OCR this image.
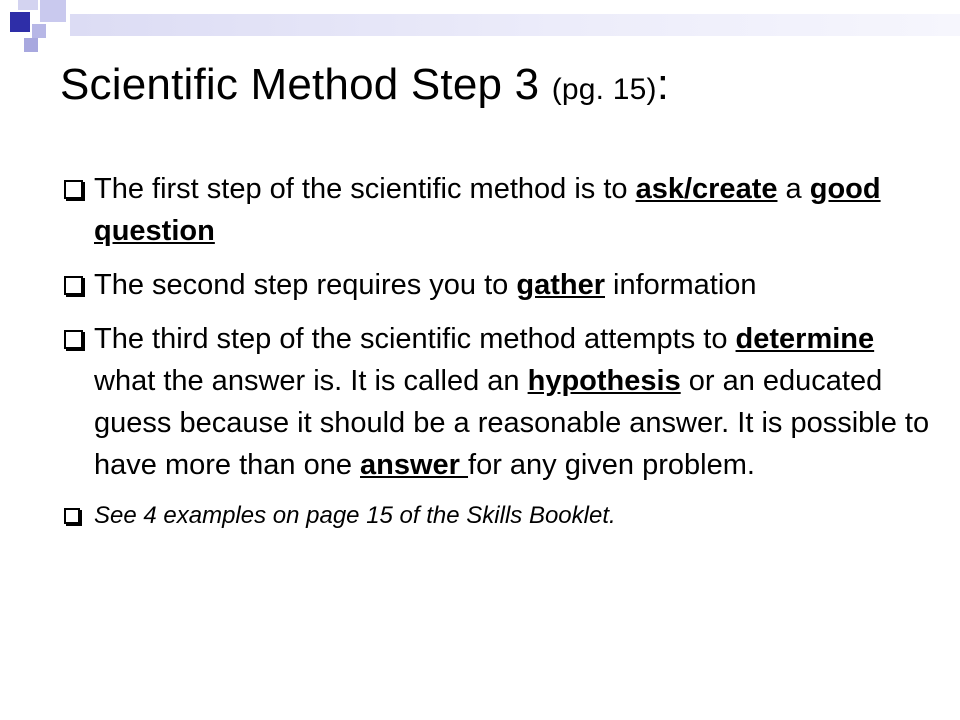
Scientific Method Step 3 (pg. 15):
The first step of the scientific method is to ask/create a good question
The second step requires you to gather information
The third step of the scientific method attempts to determine what the answer is. It is called an hypothesis or an educated guess because it should be a reasonable answer. It is possible to have more than one answer for any given problem.
See 4 examples on page 15 of the Skills Booklet.
